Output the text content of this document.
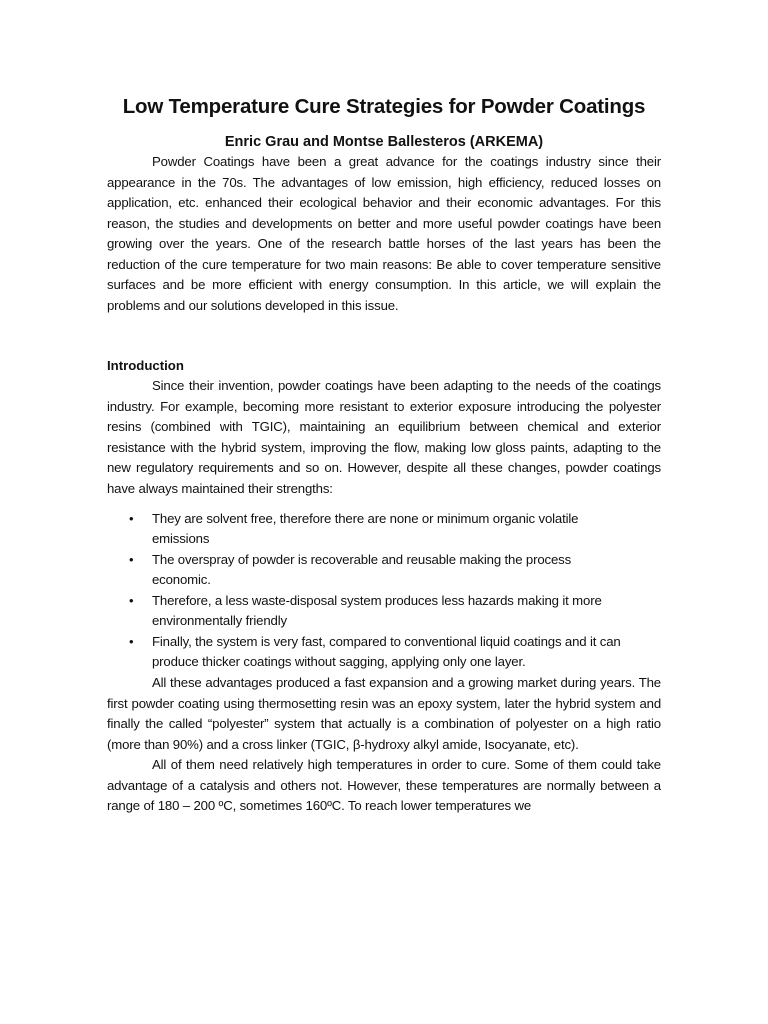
Low Temperature Cure Strategies for Powder Coatings
Enric Grau and Montse Ballesteros (ARKEMA)

Powder Coatings have been a great advance for the coatings industry since their appearance in the 70s. The advantages of low emission, high efficiency, reduced losses on application, etc. enhanced their ecological behavior and their economic advantages. For this reason, the studies and developments on better and more useful powder coatings have been growing over the years. One of the research battle horses of the last years has been the reduction of the cure temperature for two main reasons: Be able to cover temperature sensitive surfaces and be more efficient with energy consumption. In this article, we will explain the problems and our solutions developed in this issue.

Introduction

Since their invention, powder coatings have been adapting to the needs of the coatings industry. For example, becoming more resistant to exterior exposure introducing the polyester resins (combined with TGIC), maintaining an equilibrium between chemical and exterior resistance with the hybrid system, improving the flow, making low gloss paints, adapting to the new regulatory requirements and so on. However, despite all these changes, powder coatings have always maintained their strengths:

• They are solvent free, therefore there are none or minimum organic volatile emissions
• The overspray of powder is recoverable and reusable making the process economic.
• Therefore, a less waste-disposal system produces less hazards making it more environmentally friendly
• Finally, the system is very fast, compared to conventional liquid coatings and it can produce thicker coatings without sagging, applying only one layer.

All these advantages produced a fast expansion and a growing market during years. The first powder coating using thermosetting resin was an epoxy system, later the hybrid system and finally the called “polyester” system that actually is a combination of polyester on a high ratio (more than 90%) and a cross linker (TGIC, β-hydroxy alkyl amide, Isocyanate, etc).

All of them need relatively high temperatures in order to cure. Some of them could take advantage of a catalysis and others not. However, these temperatures are normally between a range of 180 – 200 ºC, sometimes 160ºC. To reach lower temperatures we
